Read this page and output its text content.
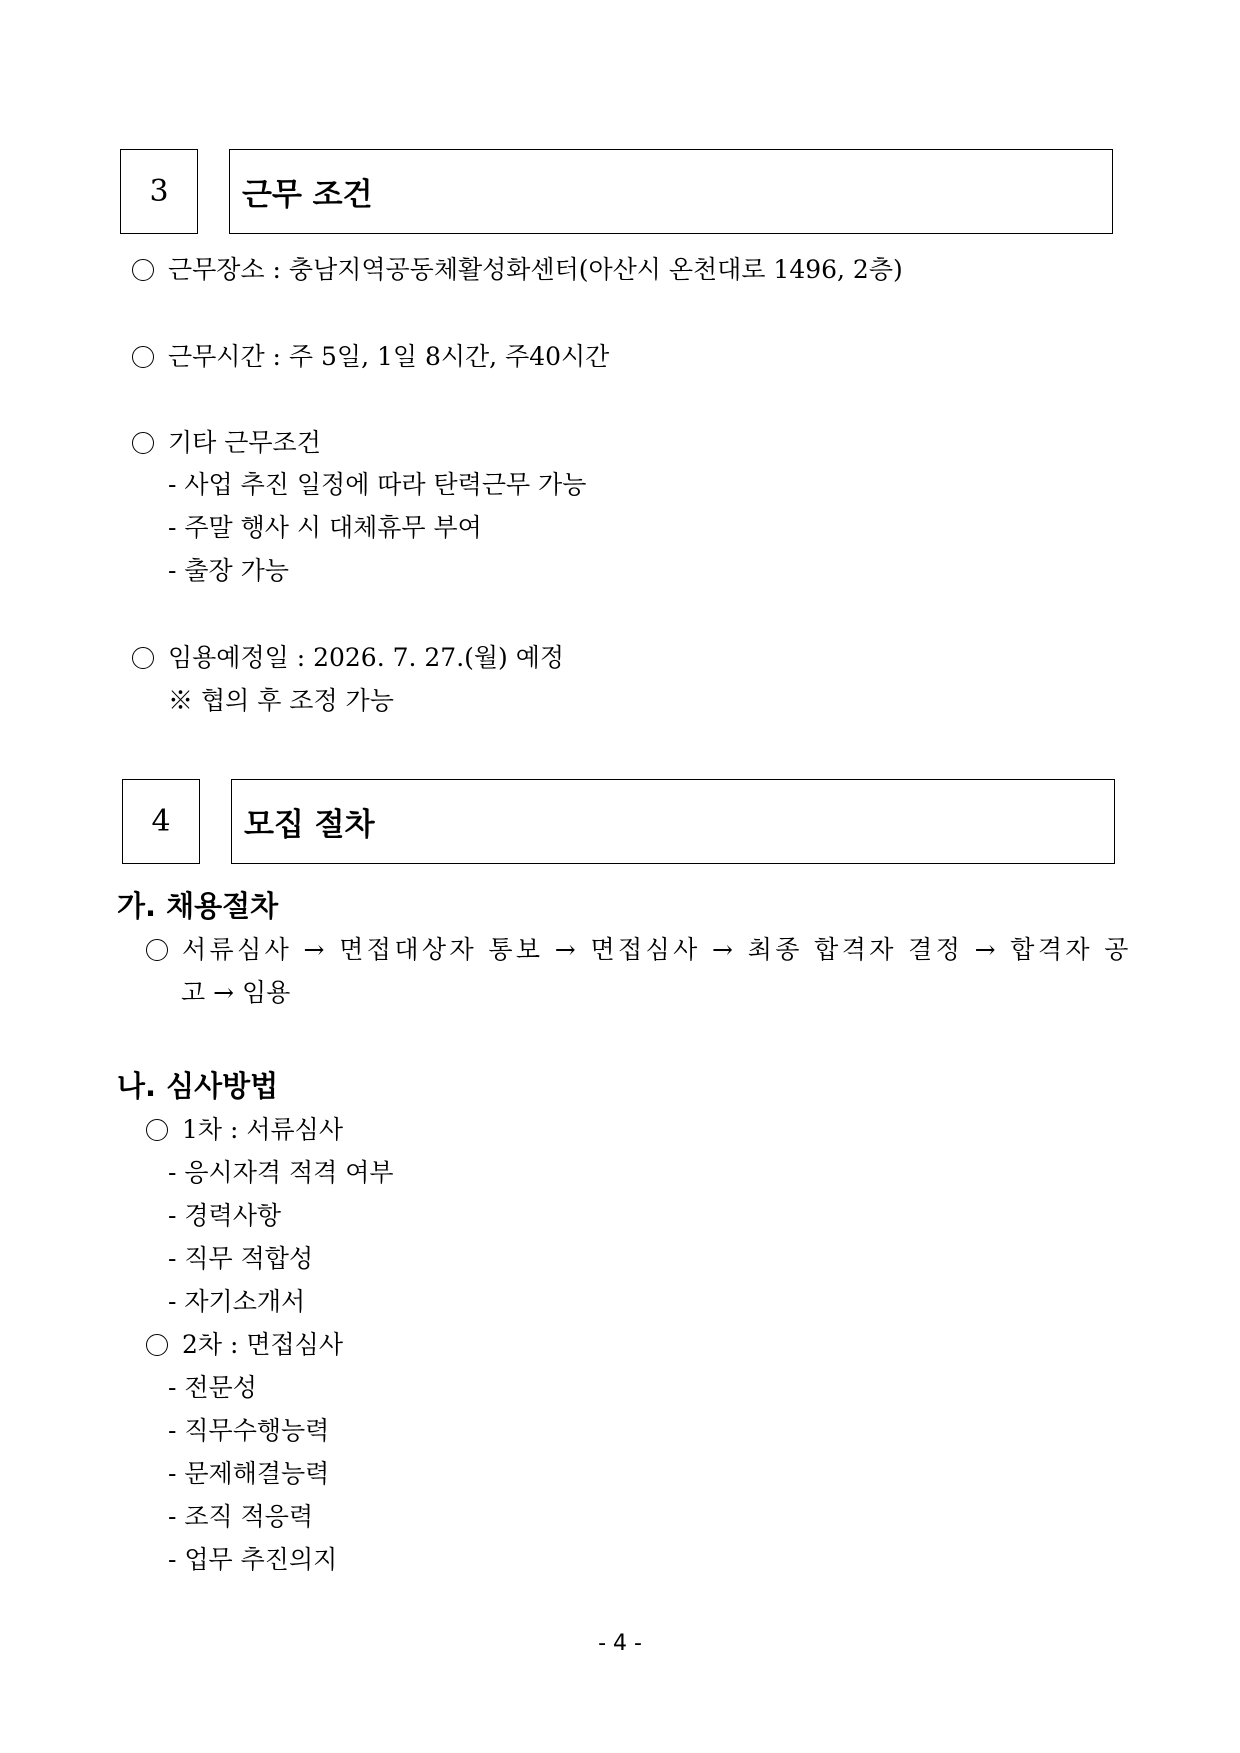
3 근무 조건
근무장소 : 충남지역공동체활성화센터(아산시 온천대로 1496, 2층)
근무시간 : 주 5일, 1일 8시간, 주40시간
기타 근무조건
- 사업 추진 일정에 따라 탄력근무 가능
- 주말 행사 시 대체휴무 부여
- 출장 가능
임용예정일 : 2026. 7. 27.(월) 예정
※ 협의 후 조정 가능
4 모집 절차
가. 채용절차
서류심사 → 면접대상자 통보 → 면접심사 → 최종 합격자 결정 → 합격자 공
고 → 임용
나. 심사방법
1차 : 서류심사
- 응시자격 적격 여부
- 경력사항
- 직무 적합성
- 자기소개서
2차 : 면접심사
- 전문성
- 직무수행능력
- 문제해결능력
- 조직 적응력
- 업무 추진의지
- 4 -
